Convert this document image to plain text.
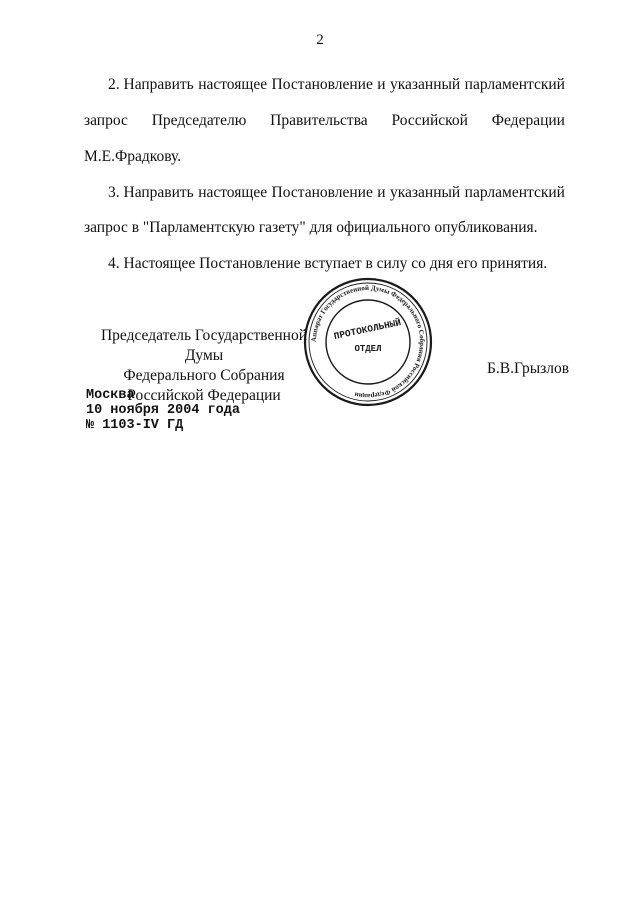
2
2. Направить настоящее Постановление и указанный парламентский
запрос Председателю Правительства Российской Федерации
М.Е.Фрадкову.
3. Направить настоящее Постановление и указанный парламентский
запрос в "Парламентскую газету" для официального опубликования.
4. Настоящее Постановление вступает в силу со дня его принятия.
Аппарат Государственной Думы Федерального Собрания Российской Федерации
ПРОТОКОЛЬНЫЙ
ОТДЕЛ
Председатель Государственной Думы
Федерального Собрания
Российской Федерации
Б.В.Грызлов
Москва
10 ноября 2004 года
№ 1103-IV ГД
